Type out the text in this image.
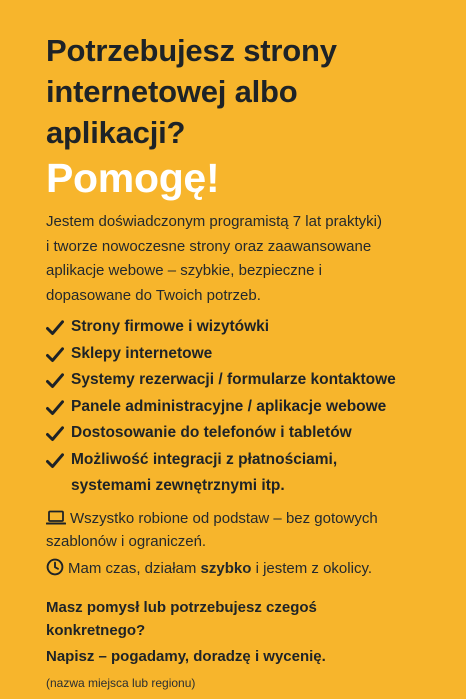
Potrzebujesz strony
internetowej albo
aplikacji?
Pomogę!

Jestem doświadczonym programistą 7 lat praktyki)
i tworze nowoczesne strony oraz zaawansowane
aplikacje webowe – szybkie, bezpieczne i
dopasowane do Twoich potrzeb.

Strony firmowe i wizytówki
Sklepy internetowe
Systemy rezerwacji / formularze kontaktowe
Panele administracyjne / aplikacje webowe
Dostosowanie do telefonów i tabletów
Możliwość integracji z płatnościami,
systemami zewnętrznymi itp.
Wszystko robione od podstaw – bez gotowych
szablonów i ograniczeń.
Mam czas, działam szybko i jestem z okolicy.

Masz pomysł lub potrzebujesz czegoś
konkretnego?

Napisz – pogadamy, doradzę i wycenię.

(nazwa miejsca lub regionu)
